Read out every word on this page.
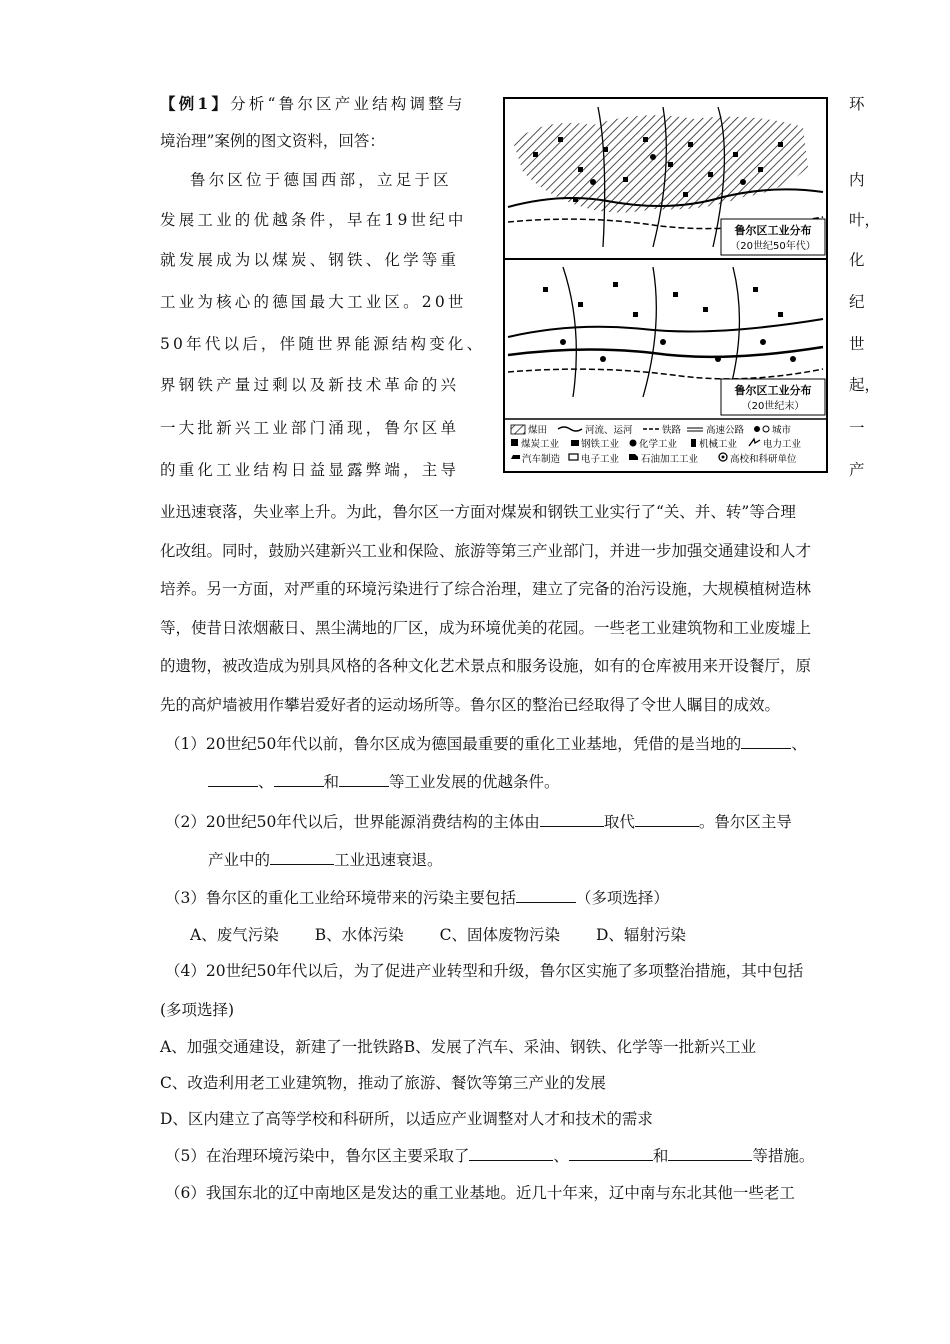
【例1】分析“鲁尔区产业结构调整与
境治理”案例的图文资料，回答：
鲁尔区位于德国西部，立足于区
发展工业的优越条件，早在19世纪中
就发展成为以煤炭、钢铁、化学等重
工业为核心的德国最大工业区。20世
50年代以后，伴随世界能源结构变化、
界钢铁产量过剩以及新技术革命的兴
一大批新兴工业部门涌现，鲁尔区单
的重化工业结构日益显露弊端，主导
环
内
叶，
化
纪
世
起，
一
产
鲁尔区工业分布
（20世纪50年代）
鲁尔区工业分布
（20世纪末）
煤田	河流、运河	铁路	高速公路	城市
煤炭工业 钢铁工业 化学工业 机械工业	电力工业
汽车制造 电子工业 石油加工工业	高校和科研单位
业迅速衰落，失业率上升。为此，鲁尔区一方面对煤炭和钢铁工业实行了“关、并、转”等合理
化改组。同时，鼓励兴建新兴工业和保险、旅游等第三产业部门，并进一步加强交通建设和人才
培养。另一方面，对严重的环境污染进行了综合治理，建立了完备的治污设施，大规模植树造林
等，使昔日浓烟蔽日、黑尘满地的厂区，成为环境优美的花园。一些老工业建筑物和工业废墟上
的遗物，被改造成为别具风格的各种文化艺术景点和服务设施，如有的仓库被用来开设餐厅，原
先的高炉墙被用作攀岩爱好者的运动场所等。鲁尔区的整治已经取得了令世人瞩目的成效。
（1）20世纪50年代以前，鲁尔区成为德国最重要的重化工业基地，凭借的是当地的	、
、	和	等工业发展的优越条件。
（2）20世纪50年代以后，世界能源消费结构的主体由	取代	。鲁尔区主导
产业中的	工业迅速衰退。
（3）鲁尔区的重化工业给环境带来的污染主要包括	（多项选择）
A、废气污染 B、水体污染 C、固体废物污染 D、辐射污染
（4）20世纪50年代以后，为了促进产业转型和升级，鲁尔区实施了多项整治措施，其中包括
(多项选择)
A、加强交通建设，新建了一批铁路B、发展了汽车、采油、钢铁、化学等一批新兴工业
C、改造利用老工业建筑物，推动了旅游、餐饮等第三产业的发展
D、区内建立了高等学校和科研所，以适应产业调整对人才和技术的需求
（5）在治理环境污染中，鲁尔区主要采取了	、	和	等措施。
（6）我国东北的辽中南地区是发达的重工业基地。近几十年来，辽中南与东北其他一些老工
